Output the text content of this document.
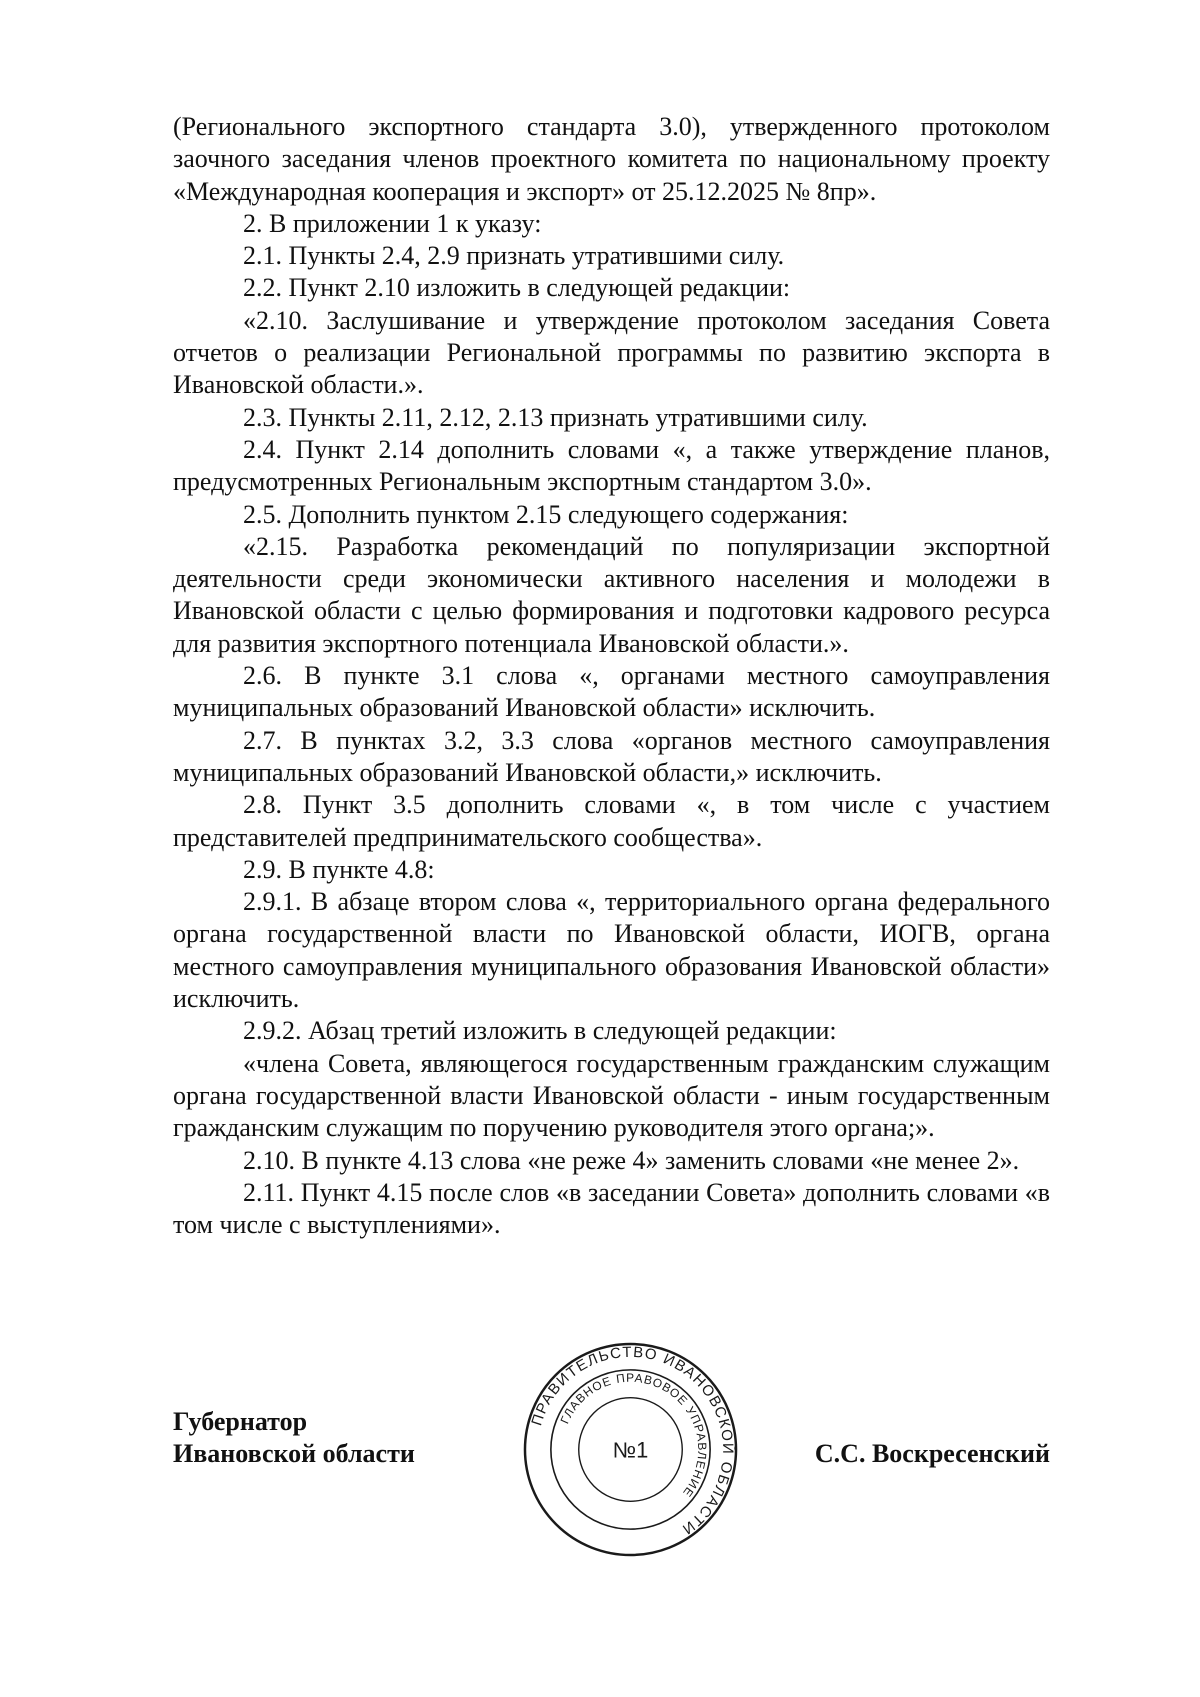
(Регионального экспортного стандарта 3.0), утвержденного протоколом заочного заседания членов проектного комитета по национальному проекту «Международная кооперация и экспорт» от 25.12.2025 № 8пр».

2. В приложении 1 к указу:

2.1. Пункты 2.4, 2.9 признать утратившими силу.

2.2. Пункт 2.10 изложить в следующей редакции:

«2.10. Заслушивание и утверждение протоколом заседания Совета отчетов о реализации Региональной программы по развитию экспорта в Ивановской области.».

2.3. Пункты 2.11, 2.12, 2.13 признать утратившими силу.

2.4. Пункт 2.14 дополнить словами «, а также утверждение планов, предусмотренных Региональным экспортным стандартом 3.0».

2.5. Дополнить пунктом 2.15 следующего содержания:

«2.15. Разработка рекомендаций по популяризации экспортной деятельности среди экономически активного населения и молодежи в Ивановской области с целью формирования и подготовки кадрового ресурса для развития экспортного потенциала Ивановской области.».

2.6. В пункте 3.1 слова «, органами местного самоуправления муниципальных образований Ивановской области» исключить.

2.7. В пунктах 3.2, 3.3 слова «органов местного самоуправления муниципальных образований Ивановской области,» исключить.

2.8. Пункт 3.5 дополнить словами «, в том числе с участием представителей предпринимательского сообщества».

2.9. В пункте 4.8:

2.9.1. В абзаце втором слова «, территориального органа федерального органа государственной власти по Ивановской области, ИОГВ, органа местного самоуправления муниципального образования Ивановской области» исключить.

2.9.2. Абзац третий изложить в следующей редакции:

«члена Совета, являющегося государственным гражданским служащим органа государственной власти Ивановской области - иным государственным гражданским служащим по поручению руководителя этого органа;».

2.10. В пункте 4.13 слова «не реже 4» заменить словами «не менее 2».

2.11. Пункт 4.15 после слов «в заседании Совета» дополнить словами «в том числе с выступлениями».

Губернатор
Ивановской области	С.С. Воскресенский
ПРАВИТЕЛЬСТВО ИВАНОВСКОЙ ОБЛАСТИ
ГЛАВНОЕ ПРАВОВОЕ УПРАВЛЕНИЕ
№1
